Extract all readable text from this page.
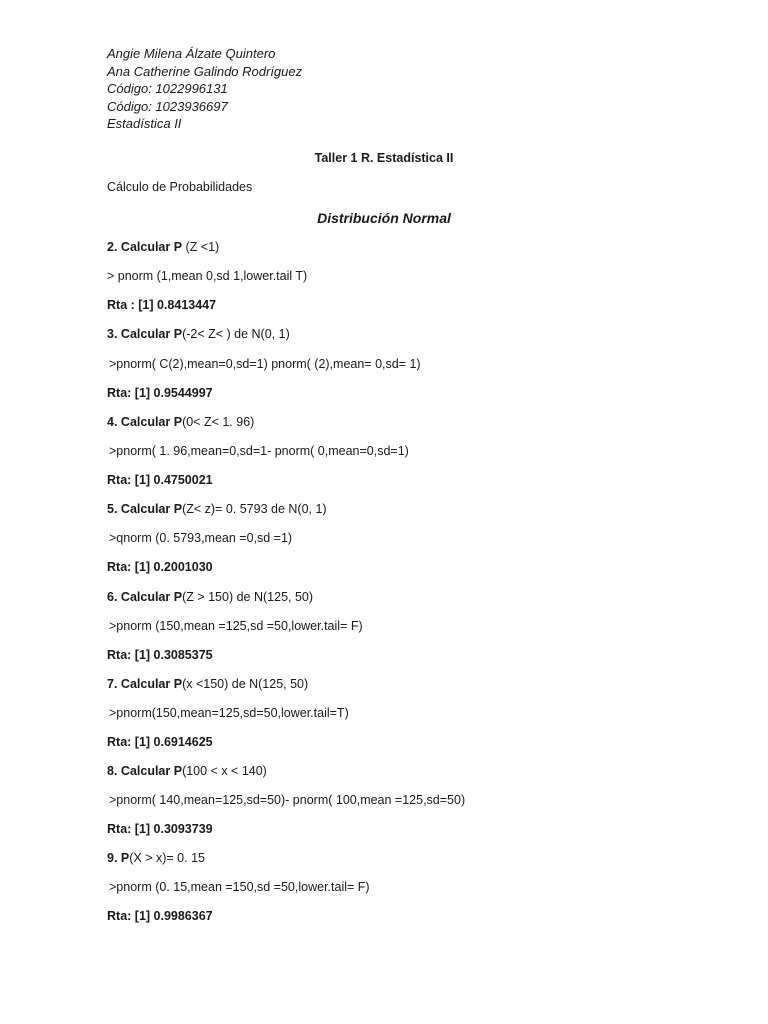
Angie Milena Álzate Quintero
Ana Catherine Galindo Rodríguez
Código: 1022996131
Código: 1023936697
Estadística II
Taller 1 R. Estadística II
Cálculo de Probabilidades
Distribución Normal
2. Calcular P (Z <1)
> pnorm (1,mean 0,sd 1,lower.tail T)
Rta : [1] 0.8413447
3. Calcular P(-2< Z< ) de N(0, 1)
>pnorm( C(2),mean=0,sd=1) pnorm( (2),mean= 0,sd= 1)
Rta: [1] 0.9544997
4. Calcular P(0< Z< 1. 96)
>pnorm( 1. 96,mean=0,sd=1- pnorm( 0,mean=0,sd=1)
Rta: [1] 0.4750021
5. Calcular P(Z< z)= 0. 5793 de N(0, 1)
>qnorm (0. 5793,mean =0,sd =1)
Rta: [1] 0.2001030
6. Calcular P(Z > 150) de N(125, 50)
>pnorm (150,mean =125,sd =50,lower.tail= F)
Rta: [1] 0.3085375
7. Calcular P(x <150) de N(125, 50)
>pnorm(150,mean=125,sd=50,lower.tail=T)
Rta: [1] 0.6914625
8. Calcular P(100 < x < 140)
>pnorm( 140,mean=125,sd=50)- pnorm( 100,mean =125,sd=50)
Rta: [1] 0.3093739
9. P(X > x)= 0. 15
>pnorm (0. 15,mean =150,sd =50,lower.tail= F)
Rta: [1] 0.9986367
